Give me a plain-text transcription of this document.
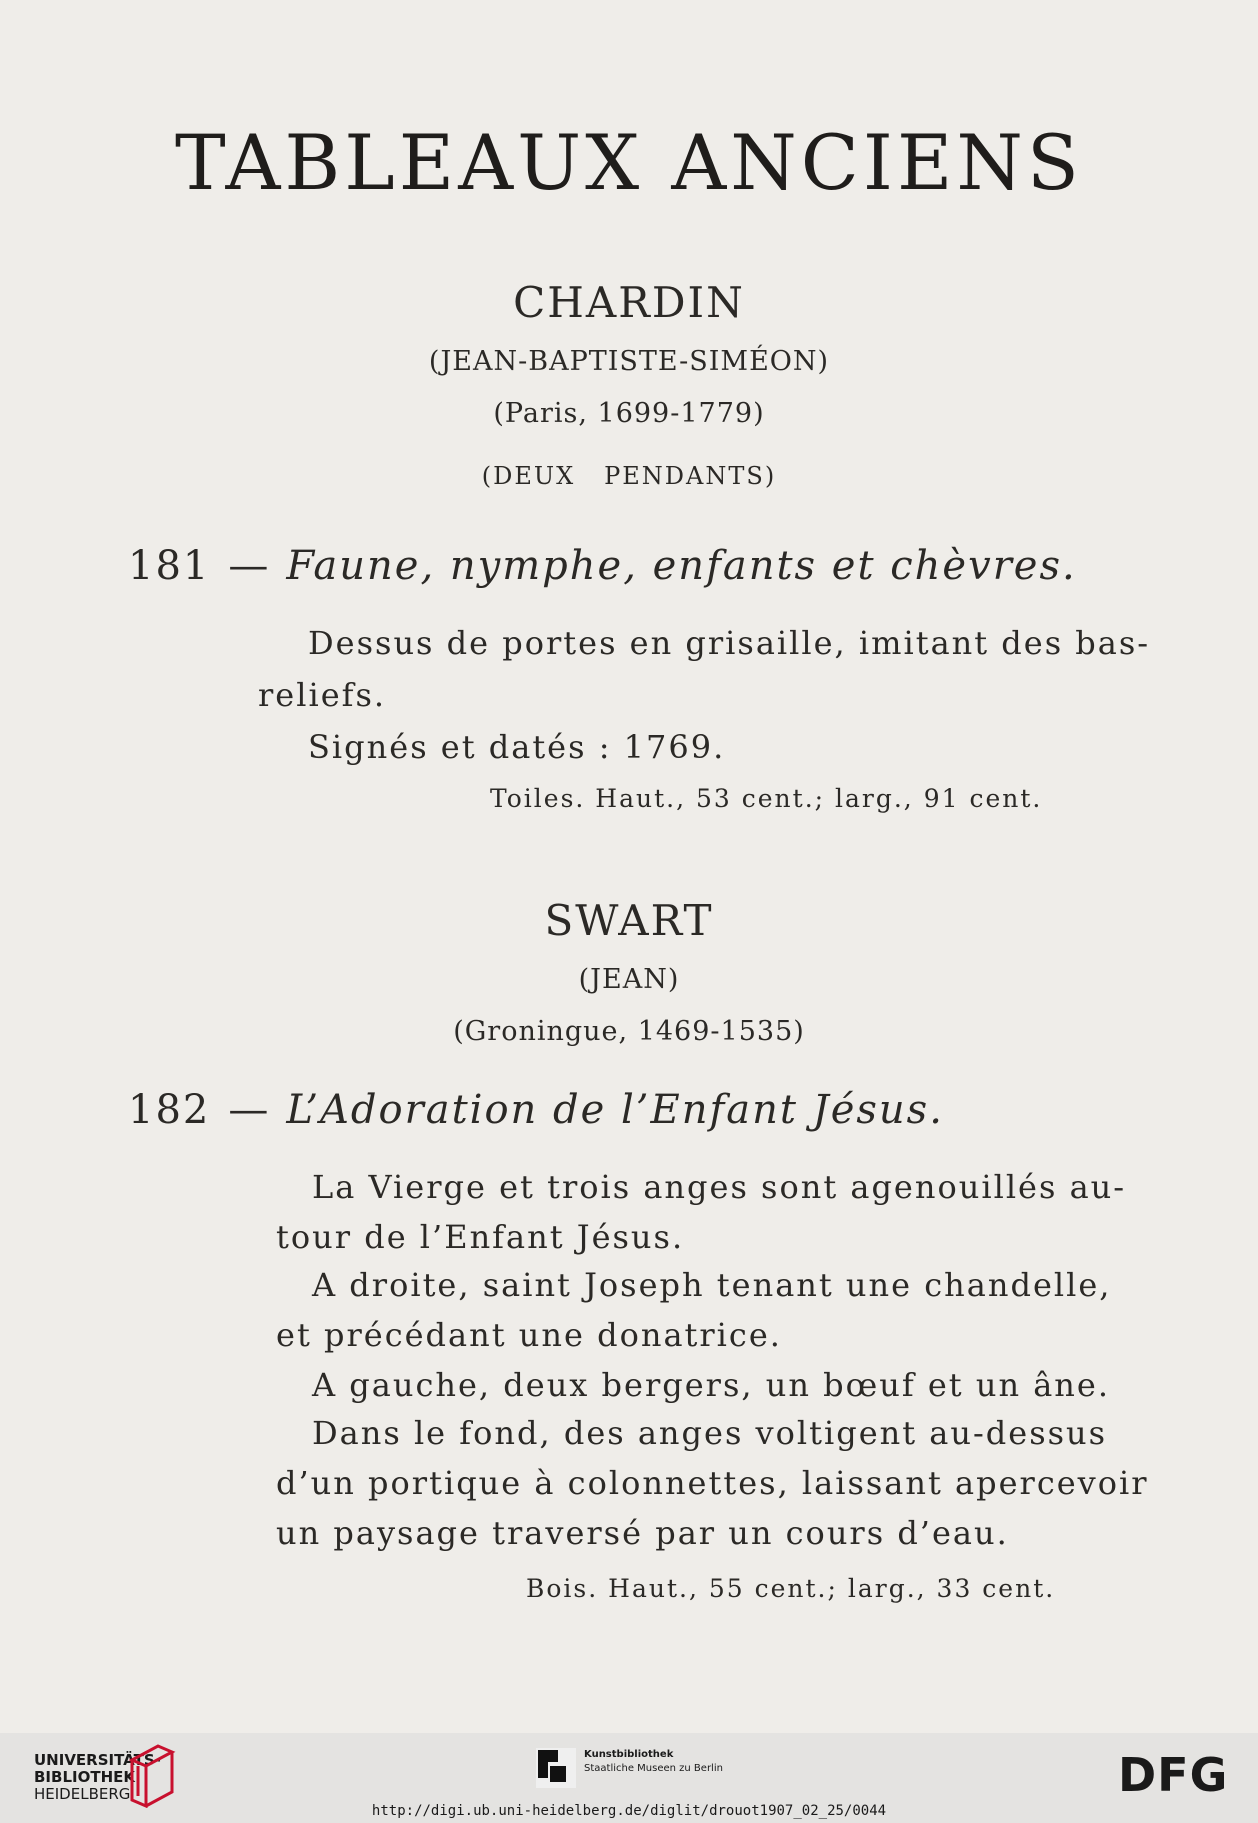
TABLEAUX ANCIENS
CHARDIN
(JEAN-BAPTISTE-SIMÉON)
(Paris, 1699-1779)
(DEUX   PENDANTS)
181 — Faune, nymphe, enfants et chèvres.
Dessus de portes en grisaille, imitant des bas-
reliefs.
Signés et datés : 1769.
Toiles. Haut., 53 cent.; larg., 91 cent.
SWART
(JEAN)
(Groningue, 1469-1535)
182 — L’Adoration de l’Enfant Jésus.
La Vierge et trois anges sont agenouillés au-
tour de l’Enfant Jésus.
A droite, saint Joseph tenant une chandelle,
et précédant une donatrice.
A gauche, deux bergers, un bœuf et un âne.
Dans le fond, des anges voltigent au-dessus
d’un portique à colonnettes, laissant apercevoir
un paysage traversé par un cours d’eau.
Bois. Haut., 55 cent.; larg., 33 cent.
UNIVERSITÄTS-
BIBLIOTHEK
HEIDELBERG
Kunstbibliothek
Staatliche Museen zu Berlin	DFG
http://digi.ub.uni-heidelberg.de/diglit/drouot1907_02_25/0044
